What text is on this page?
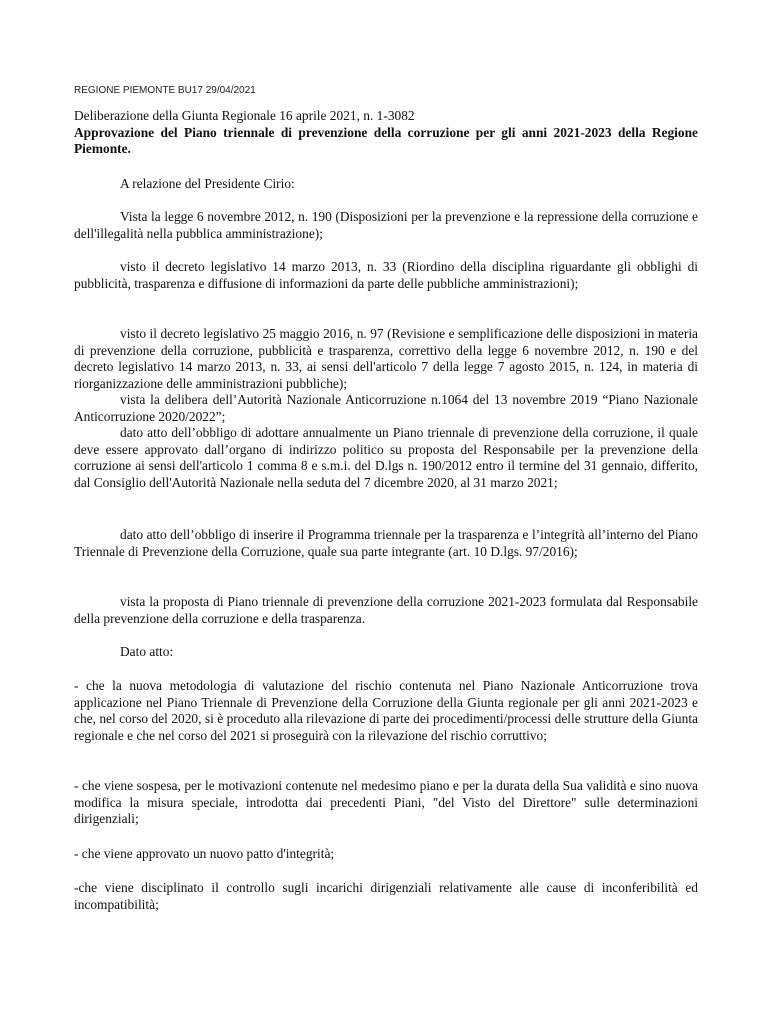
REGIONE PIEMONTE BU17 29/04/2021

Deliberazione della Giunta Regionale 16 aprile 2021, n. 1-3082

Approvazione del Piano triennale di prevenzione della corruzione per gli anni 2021-2023 della Regione Piemonte.

A relazione del Presidente Cirio:

Vista la legge 6 novembre 2012, n. 190 (Disposizioni per la prevenzione e la repressione della corruzione e dell'illegalità nella pubblica amministrazione);

visto il decreto legislativo 14 marzo 2013, n. 33 (Riordino della disciplina riguardante gli obblighi di pubblicità, trasparenza e diffusione di informazioni da parte delle pubbliche amministrazioni);

visto il decreto legislativo 25 maggio 2016, n. 97 (Revisione e semplificazione delle disposizioni in materia di prevenzione della corruzione, pubblicità e trasparenza, correttivo della legge 6 novembre 2012, n. 190 e del decreto legislativo 14 marzo 2013, n. 33, ai sensi dell'articolo 7 della legge 7 agosto 2015, n. 124, in materia di riorganizzazione delle amministrazioni pubbliche);

vista la delibera dell’Autorità Nazionale Anticorruzione n.1064 del 13 novembre 2019 “Piano Nazionale Anticorruzione 2020/2022”;

dato atto dell’obbligo di adottare annualmente un Piano triennale di prevenzione della corruzione, il quale deve essere approvato dall’organo di indirizzo politico su proposta del Responsabile per la prevenzione della corruzione ai sensi dell'articolo 1 comma 8 e s.m.i. del D.lgs n. 190/2012 entro il termine del 31 gennaio, differito, dal Consiglio dell'Autorità Nazionale nella seduta del 7 dicembre 2020, al 31 marzo 2021;

dato atto dell’obbligo di inserire il Programma triennale per la trasparenza e l’integrità all’interno del Piano Triennale di Prevenzione della Corruzione, quale sua parte integrante (art. 10 D.lgs. 97/2016);

vista la proposta di Piano triennale di prevenzione della corruzione 2021-2023 formulata dal Responsabile della prevenzione della corruzione e della trasparenza.

Dato atto:

- che la nuova metodologia di valutazione del rischio contenuta nel Piano Nazionale Anticorruzione trova applicazione nel Piano Triennale di Prevenzione della Corruzione della Giunta regionale per gli anni 2021-2023 e che, nel corso del 2020, si è proceduto alla rilevazione di parte dei procedimenti/processi delle strutture della Giunta regionale e che nel corso del 2021 si proseguirà con la rilevazione del rischio corruttivo;

- che viene sospesa, per le motivazioni contenute nel medesimo piano e per la durata della Sua validità e sino nuova modifica la misura speciale, introdotta dai precedenti Piani, "del Visto del Direttore" sulle determinazioni dirigenziali;

- che viene approvato un nuovo patto d'integrità;

-che viene disciplinato il controllo sugli incarichi dirigenziali relativamente alle cause di inconferibilità ed incompatibilità;
